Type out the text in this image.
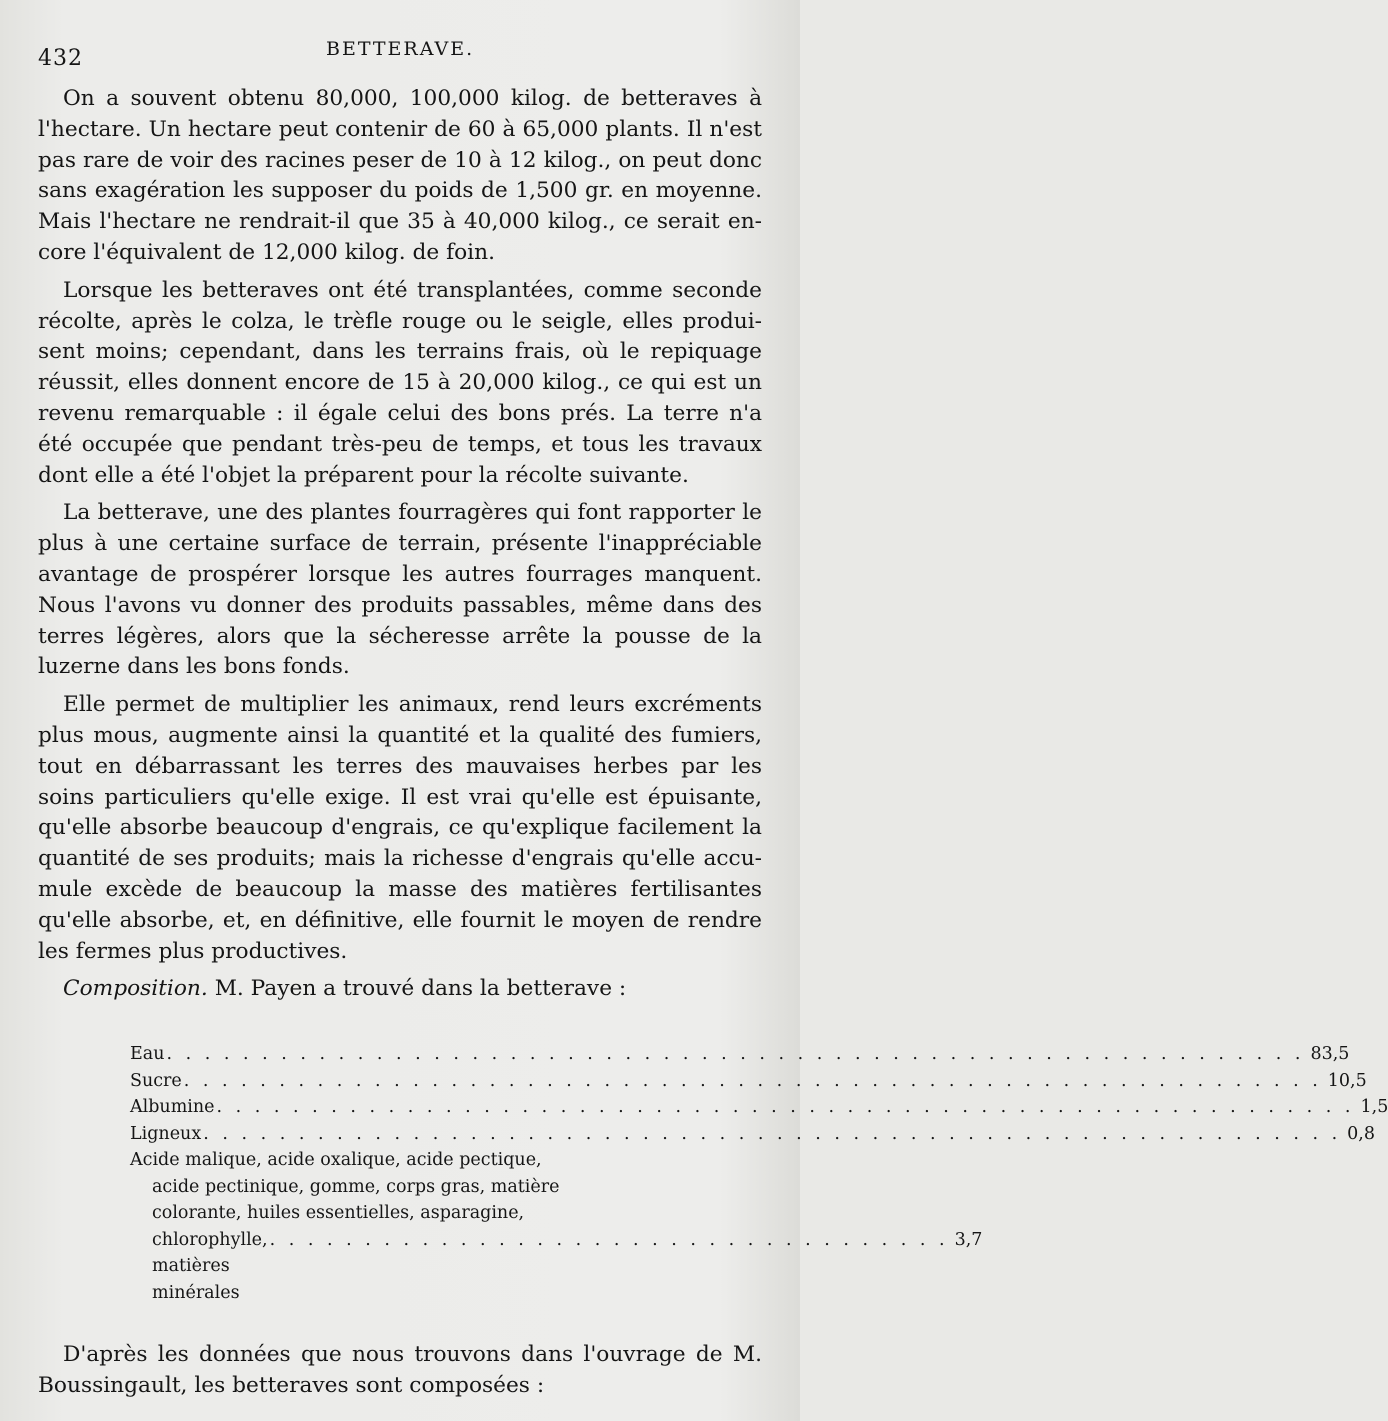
432	BETTERAVE.

On a souvent obtenu 80,000, 100,000 kilog. de betteraves à l'hectare. Un hectare peut contenir de 60 à 65,000 plants. Il n'est pas rare de voir des racines peser de 10 à 12 kilog., on peut donc sans exagération les supposer du poids de 1,500 gr. en moyenne. Mais l'hectare ne rendrait-il que 35 à 40,000 kilog., ce serait encore l'équivalent de 12,000 kilog. de foin.

Lorsque les betteraves ont été transplantées, comme seconde récolte, après le colza, le trèfle rouge ou le seigle, elles produisent moins; cependant, dans les terrains frais, où le repiquage réussit, elles donnent encore de 15 à 20,000 kilog., ce qui est un revenu remarquable : il égale celui des bons prés. La terre n'a été occupée que pendant très-peu de temps, et tous les travaux dont elle a été l'objet la préparent pour la récolte suivante.

La betterave, une des plantes fourragères qui font rapporter le plus à une certaine surface de terrain, présente l'inappréciable avantage de prospérer lorsque les autres fourrages manquent. Nous l'avons vu donner des produits passables, même dans des terres légères, alors que la sécheresse arrête la pousse de la luzerne dans les bons fonds.

Elle permet de multiplier les animaux, rend leurs excréments plus mous, augmente ainsi la quantité et la qualité des fumiers, tout en débarrassant les terres des mauvaises herbes par les soins particuliers qu'elle exige. Il est vrai qu'elle est épuisante, qu'elle absorbe beaucoup d'engrais, ce qu'explique facilement la quantité de ses produits; mais la richesse d'engrais qu'elle accumule excède de beaucoup la masse des matières fertilisantes qu'elle absorbe, et, en définitive, elle fournit le moyen de rendre les fermes plus productives.

Composition. M. Payen a trouvé dans la betterave :

Eau . . . . . . . . . . . . . . . . . . . . . . . . . . . . . . . . . . . . . . . . . . . . . . . . . . . . . . . . . . . . 83,5
Sucre . . . . . . . . . . . . . . . . . . . . . . . . . . . . . . . . . . . . . . . . . . . . . . . . . . . . . . . . . . . . 10,5
Albumine . . . . . . . . . . . . . . . . . . . . . . . . . . . . . . . . . . . . . . . . . . . . . . . . . . . . . . . . . . . . 1,5
Ligneux . . . . . . . . . . . . . . . . . . . . . . . . . . . . . . . . . . . . . . . . . . . . . . . . . . . . . . . . . . . . 0,8
Acide malique, acide oxalique, acide pectique,
acide pectinique, gomme, corps gras, matière
colorante, huiles essentielles, asparagine,
chlorophylle, matières minérales
. . . . . . . . . . . . . . . . . . . . . . . . . . . . . . . . . . . . 3,7

D'après les données que nous trouvons dans l'ouvrage de M. Boussingault, les betteraves sont composées :
